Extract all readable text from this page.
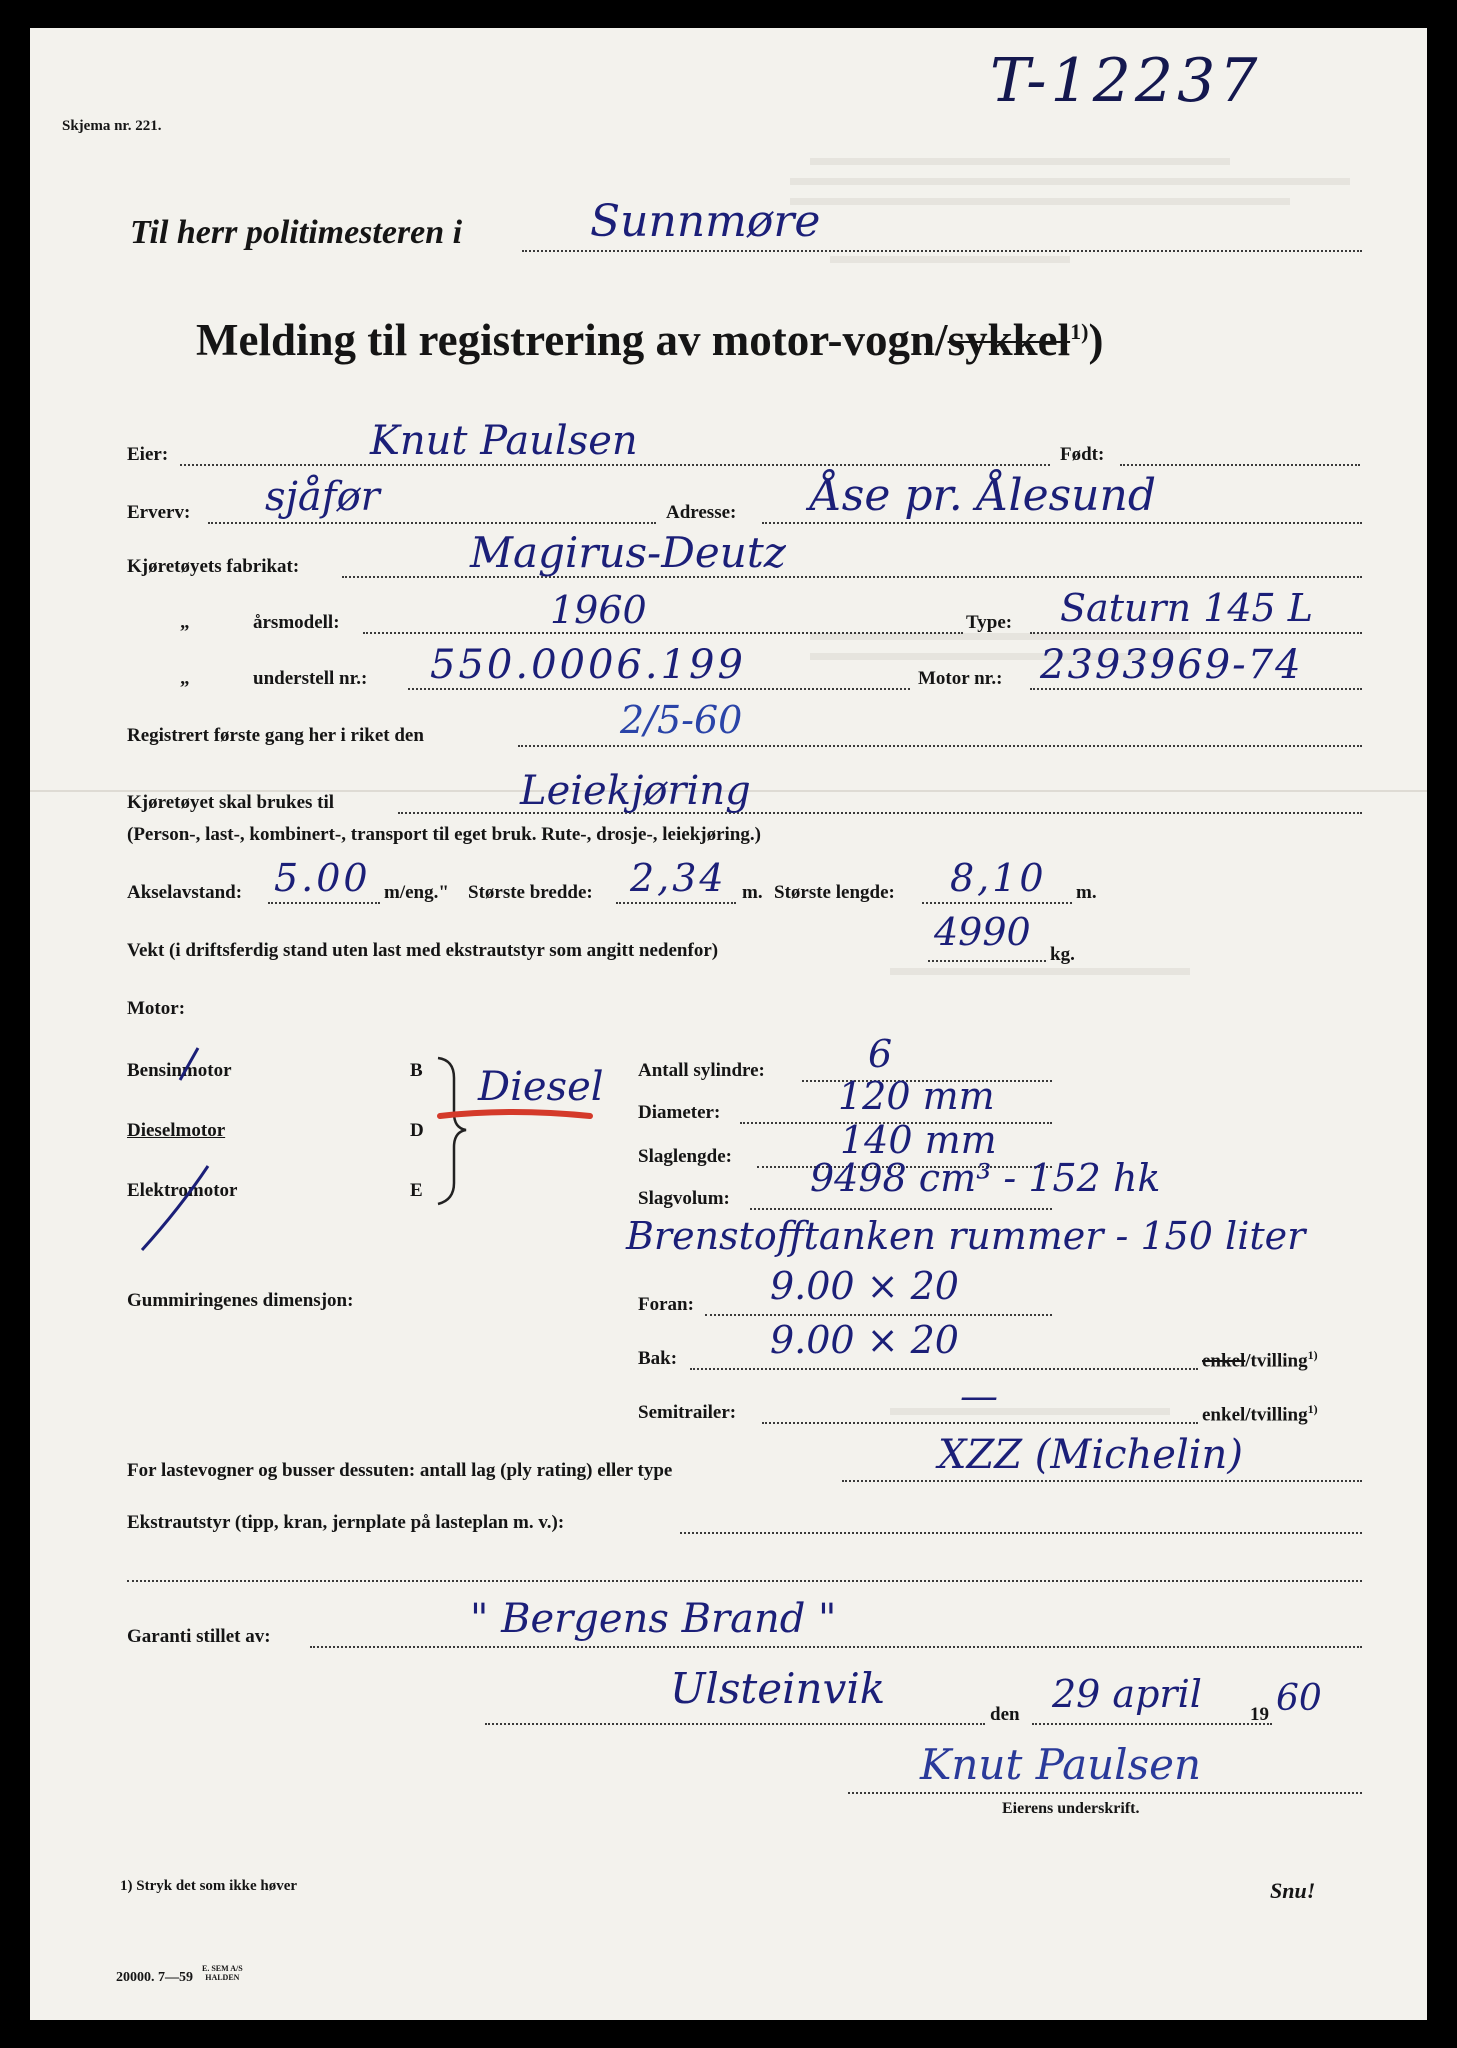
Skjema nr. 221.
T-12237
Til herr politimesteren i	Sunnmøre
Melding til registrering av motor-vogn/sykkel$^{1)}$)
Eier:	Knut Paulsen	Født:
Erverv: sjåfør	Adresse: Åse pr. Ålesund
Kjøretøyets fabrikat:	Magirus-Deutz
„	årsmodell:	1960	Type: Saturn 145 L
„	understell nr.: 550.0006.199	Motor nr.: 2393969-74
Registrert første gang her i riket den	2/5-60
Kjøretøyet skal brukes til	Leiekjøring
(Person-, last-, kombinert-, transport til eget bruk. Rute-, drosje-, leiekjøring.)
Akselavstand: 5.00 m/eng." Største bredde: 2,34 m. Største lengde: 8,10 m.
Vekt (i driftsferdig stand uten last med ekstrautstyr som angitt nedenfor)	4990
kg.
Motor:
Bensinmotor	B
Dieselmotor	D
Elektromotor	E
Diesel Antall sylindre:	6
Diameter:	120 mm
Slaglengde:	140 mm
Slagvolum: 9498 cm³ - 152 hk
Brenstofftanken rummer - 150 liter
Gummiringenes dimensjon:	Foran: 9.00 × 20
Bak: 9.00 × 20	enkel/tvilling$^{1)}$
Semitrailer:	—	enkel/tvilling$^{1)}$
For lastevogner og busser dessuten: antall lag (ply rating) eller type	XZZ (Michelin)
Ekstrautstyr (tipp, kran, jernplate på lasteplan m. v.):
Garanti stillet av:	" Bergens Brand "
Ulsteinvik
den 29 april	19 60
Knut Paulsen
Eierens underskrift.
1) Stryk det som ikke høver	Snu!
20000. 7—59
E. SEM A/S
HALDEN
